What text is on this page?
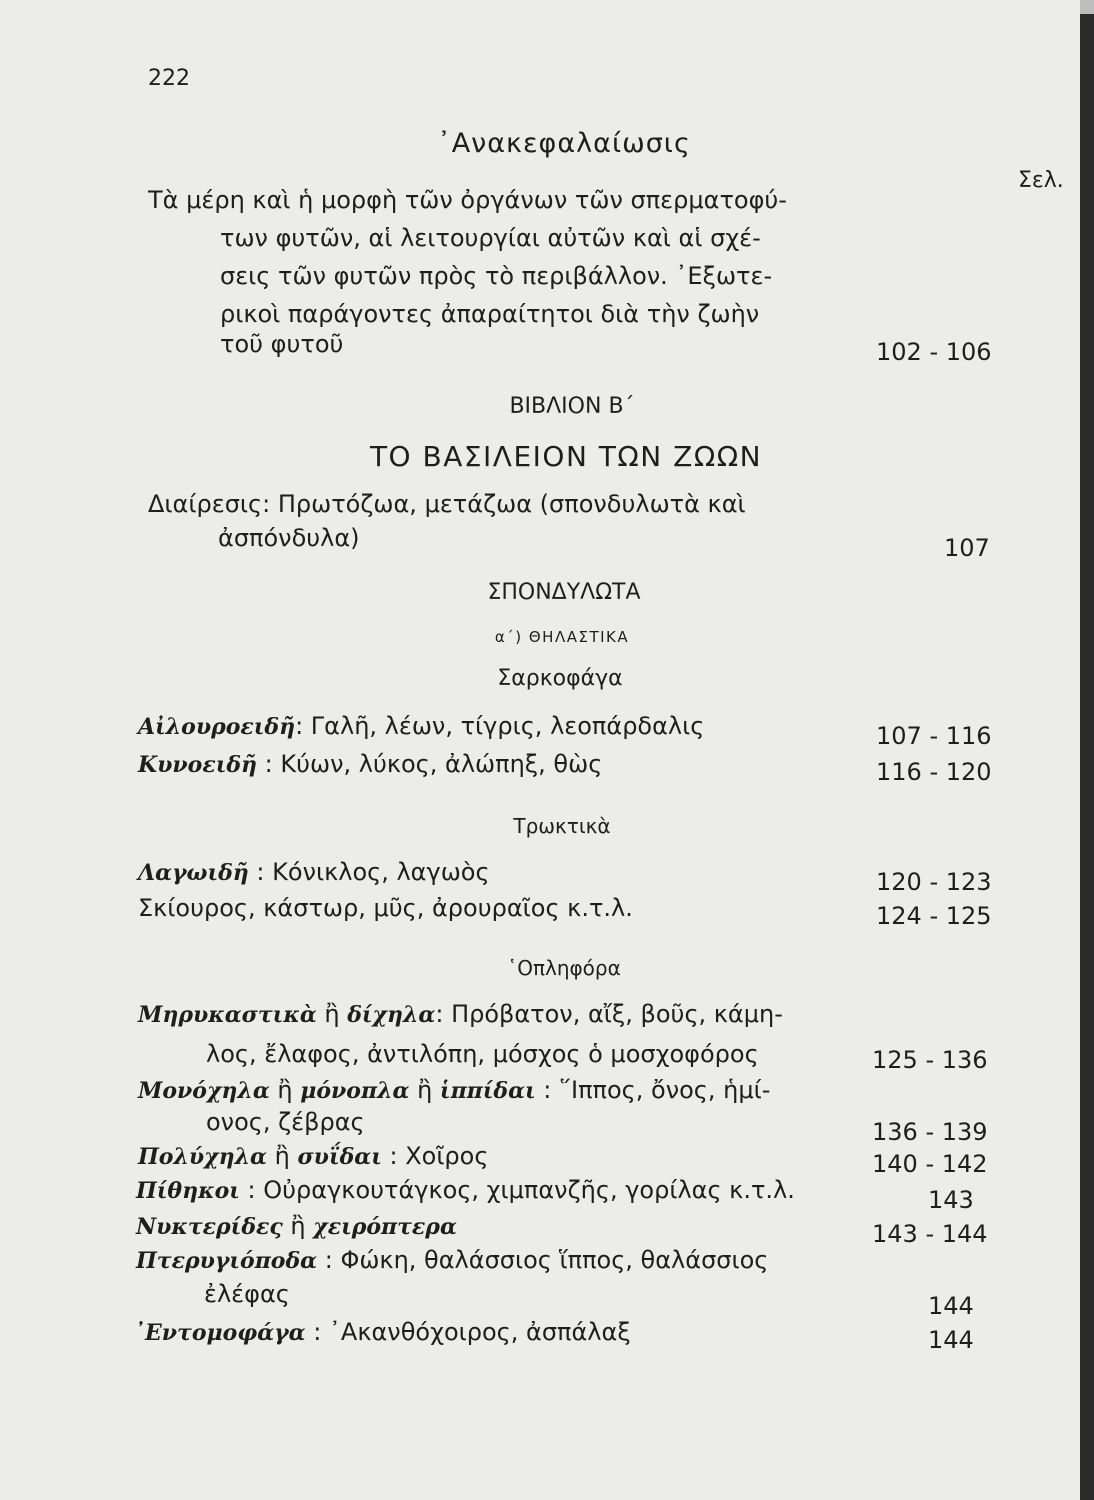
222
᾿Ανακεφαλαίωσις
Σελ.
Τὰ μέρη καὶ ἡ μορφὴ τῶν ὀργάνων τῶν σπερματοφύ-
των φυτῶν, αἱ λειτουργίαι αὐτῶν καὶ αἱ σχέ-
σεις τῶν φυτῶν πρὸς τὸ περιβάλλον. ᾿Εξωτε-
ρικοὶ παράγοντες ἀπαραίτητοι διὰ τὴν ζωὴν
τοῦ φυτοῦ	102 - 106
ΒΙΒΛΙΟΝ Β΄
ΤΟ ΒΑΣΙΛΕΙΟΝ ΤΩΝ ΖΩΩΝ
Διαίρεσις: Πρωτόζωα, μετάζωα (σπονδυλωτὰ καὶ
ἀσπόνδυλα)	107
ΣΠΟΝΔΥΛΩΤΑ
α΄) ΘΗΛΑΣΤΙΚΑ
Σαρκοφάγα
Αἰλουροειδῆ: Γαλῆ, λέων, τίγρις, λεοπάρδαλις	107 - 116
Κυνοειδῆ : Κύων, λύκος, ἀλώπηξ, θὼς	116 - 120
Τρωκτικὰ
Λαγωιδῆ : Κόνικλος, λαγωὸς	120 - 123
Σκίουρος, κάστωρ, μῦς, ἀρουραῖος κ.τ.λ.	124 - 125
῾Οπληφόρα
Μηρυκαστικὰ ἢ δίχηλα: Πρόβατον, αἴξ, βοῦς, κάμη-
λος, ἔλαφος, ἀντιλόπη, μόσχος ὁ μοσχοφόρος	125 - 136
Μονόχηλα ἢ μόνοπλα ἢ ἱππίδαι : ῞Ιππος, ὄνος, ἡμί-
ονος, ζέβρας	136 - 139
Πολύχηλα ἢ συΐδαι : Χοῖρος	140 - 142
Πίθηκοι : Οὐραγκουτάγκος, χιμπανζῆς, γορίλας κ.τ.λ.	143
Νυκτερίδες ἢ χειρόπτερα	143 - 144
Πτερυγιόποδα : Φώκη, θαλάσσιος ἵππος, θαλάσσιος
ἐλέφας	144
᾿Εντομοφάγα : ᾿Ακανθόχοιρος, ἀσπάλαξ	144
